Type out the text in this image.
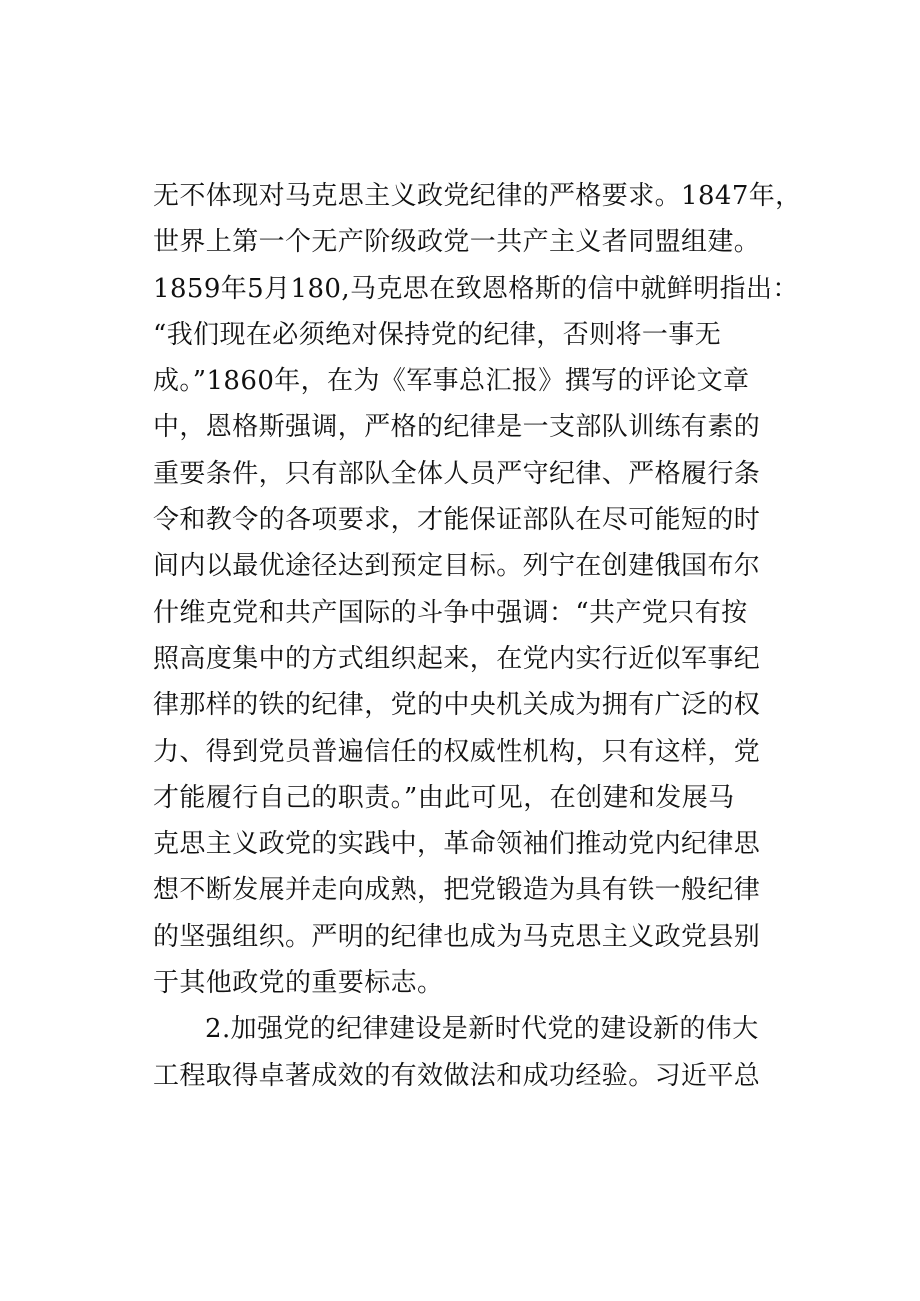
无不体现对马克思主义政党纪律的严格要求。1847年，
世界上第一个无产阶级政党一共产主义者同盟组建。
1859年5月180,马克思在致恩格斯的信中就鲜明指出：
“我们现在必须绝对保持党的纪律，否则将一事无
成。”1860年，在为《军事总汇报》撰写的评论文章
中，恩格斯强调，严格的纪律是一支部队训练有素的
重要条件，只有部队全体人员严守纪律、严格履行条
令和教令的各项要求，才能保证部队在尽可能短的时
间内以最优途径达到预定目标。列宁在创建俄国布尔
什维克党和共产国际的斗争中强调：“共产党只有按
照高度集中的方式组织起来，在党内实行近似军事纪
律那样的铁的纪律，党的中央机关成为拥有广泛的权
力、得到党员普遍信任的权威性机构，只有这样，党
才能履行自己的职责。”由此可见，在创建和发展马
克思主义政党的实践中，革命领袖们推动党内纪律思
想不断发展并走向成熟，把党锻造为具有铁一般纪律
的坚强组织。严明的纪律也成为马克思主义政党县别
于其他政党的重要标志。
2.加强党的纪律建设是新时代党的建设新的伟大
工程取得卓著成效的有效做法和成功经验。习近平总
